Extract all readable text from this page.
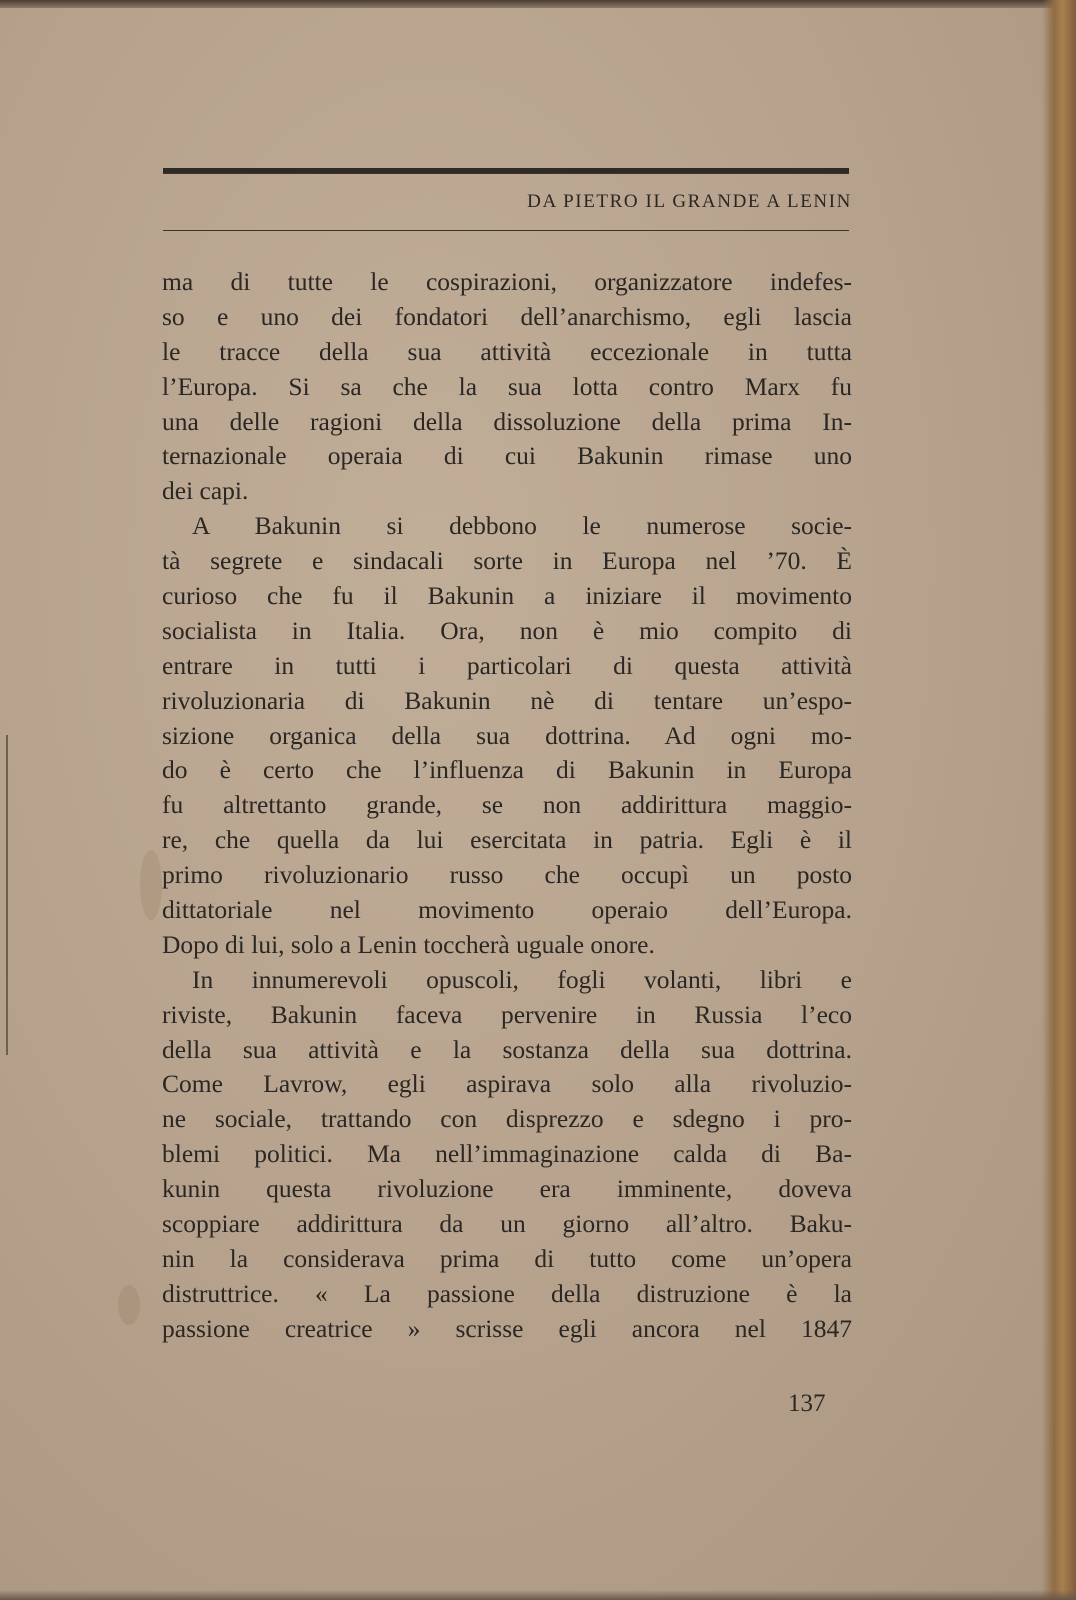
DA PIETRO IL GRANDE A LENIN
ma di tutte le cospirazioni, organizzatore indefes-
so e uno dei fondatori dell’anarchismo, egli lascia
le tracce della sua attività eccezionale in tutta
l’Europa. Si sa che la sua lotta contro Marx fu
una delle ragioni della dissoluzione della prima In-
ternazionale operaia di cui Bakunin rimase uno
dei capi.
A Bakunin si debbono le numerose socie-
tà segrete e sindacali sorte in Europa nel ’70. È
curioso che fu il Bakunin a iniziare il movimento
socialista in Italia. Ora, non è mio compito di
entrare in tutti i particolari di questa attività
rivoluzionaria di Bakunin nè di tentare un’espo-
sizione organica della sua dottrina. Ad ogni mo-
do è certo che l’influenza di Bakunin in Europa
fu altrettanto grande, se non addirittura maggio-
re, che quella da lui esercitata in patria. Egli è il
primo rivoluzionario russo che occupì un posto
dittatoriale nel movimento operaio dell’Europa.
Dopo di lui, solo a Lenin toccherà uguale onore.
In innumerevoli opuscoli, fogli volanti, libri e
riviste, Bakunin faceva pervenire in Russia l’eco
della sua attività e la sostanza della sua dottrina.
Come Lavrow, egli aspirava solo alla rivoluzio-
ne sociale, trattando con disprezzo e sdegno i pro-
blemi politici. Ma nell’immaginazione calda di Ba-
kunin questa rivoluzione era imminente, doveva
scoppiare addirittura da un giorno all’altro. Baku-
nin la considerava prima di tutto come un’opera
distruttrice. « La passione della distruzione è la
passione creatrice » scrisse egli ancora nel 1847
137
